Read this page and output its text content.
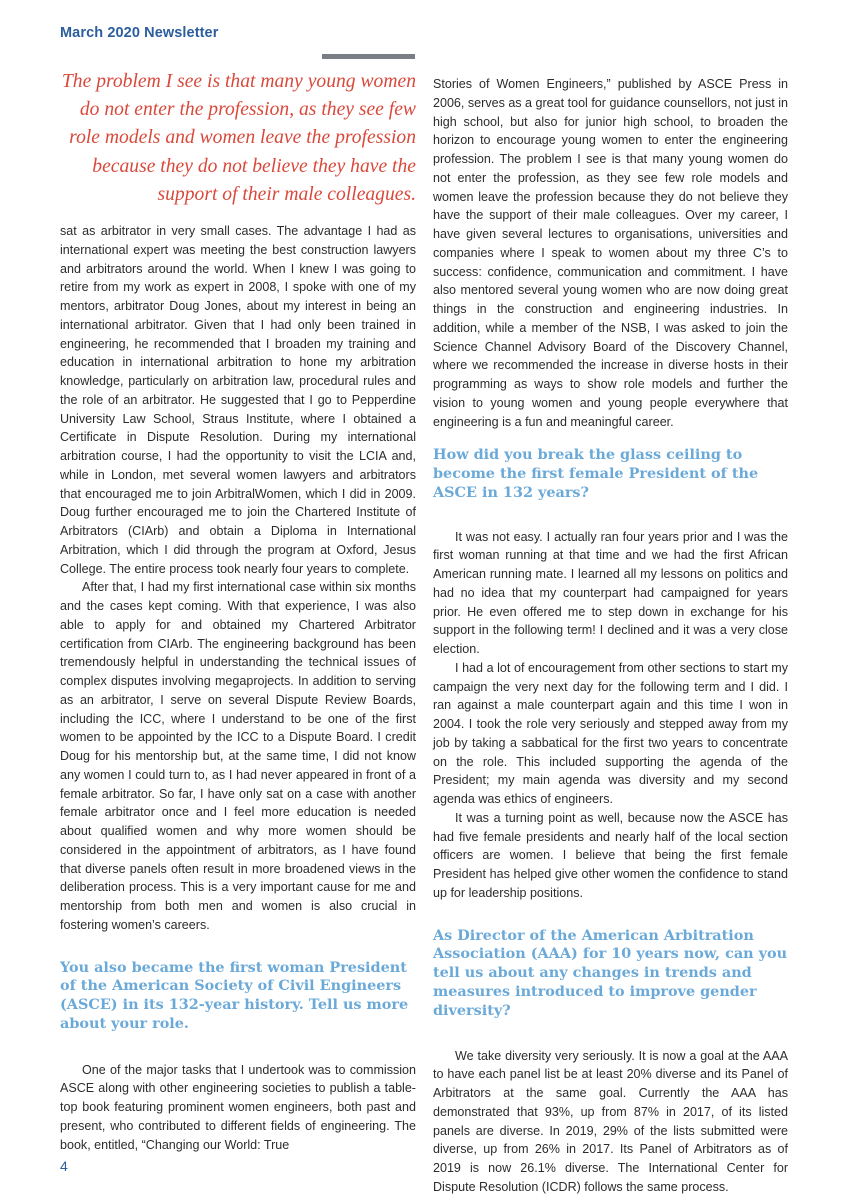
March 2020 Newsletter
The problem I see is that many young women do not enter the profession, as they see few role models and women leave the profession because they do not believe they have the support of their male colleagues.

sat as arbitrator in very small cases. The advantage I had as international expert was meeting the best construction lawyers and arbitrators around the world. When I knew I was going to retire from my work as expert in 2008, I spoke with one of my mentors, arbitrator Doug Jones, about my interest in being an international arbitrator. Given that I had only been trained in engineering, he recommended that I broaden my training and education in international arbitration to hone my arbitration knowledge, particularly on arbitration law, procedural rules and the role of an arbitrator. He suggested that I go to Pepperdine University Law School, Straus Institute, where I obtained a Certificate in Dispute Resolution. During my international arbitration course, I had the opportunity to visit the LCIA and, while in London, met several women lawyers and arbitrators that encouraged me to join ArbitralWomen, which I did in 2009. Doug further encouraged me to join the Chartered Institute of Arbitrators (CIArb) and obtain a Diploma in International Arbitration, which I did through the program at Oxford, Jesus College. The entire process took nearly four years to complete.

After that, I had my first international case within six months and the cases kept coming. With that experience, I was also able to apply for and obtained my Chartered Arbitrator certification from CIArb. The engineering background has been tremendously helpful in understanding the technical issues of complex disputes involving megaprojects. In addition to serving as an arbitrator, I serve on several Dispute Review Boards, including the ICC, where I understand to be one of the first women to be appointed by the ICC to a Dispute Board. I credit Doug for his mentorship but, at the same time, I did not know any women I could turn to, as I had never appeared in front of a female arbitrator. So far, I have only sat on a case with another female arbitrator once and I feel more education is needed about qualified women and why more women should be considered in the appointment of arbitrators, as I have found that diverse panels often result in more broadened views in the deliberation process. This is a very important cause for me and mentorship from both men and women is also crucial in fostering women’s careers.

You also became the first woman President of the American Society of Civil Engineers (ASCE) in its 132-year history. Tell us more about your role.

One of the major tasks that I undertook was to commission ASCE along with other engineering societies to publish a table-top book featuring prominent women engineers, both past and present, who contributed to different fields of engineering. The book, entitled, “Changing our World: True

Stories of Women Engineers,” published by ASCE Press in 2006, serves as a great tool for guidance counsellors, not just in high school, but also for junior high school, to broaden the horizon to encourage young women to enter the engineering profession. The problem I see is that many young women do not enter the profession, as they see few role models and women leave the profession because they do not believe they have the support of their male colleagues. Over my career, I have given several lectures to organisations, universities and companies where I speak to women about my three C’s to success: confidence, communication and commitment. I have also mentored several young women who are now doing great things in the construction and engineering industries. In addition, while a member of the NSB, I was asked to join the Science Channel Advisory Board of the Discovery Channel, where we recommended the increase in diverse hosts in their programming as ways to show role models and further the vision to young women and young people everywhere that engineering is a fun and meaningful career.

How did you break the glass ceiling to become the first female President of the ASCE in 132 years?

It was not easy. I actually ran four years prior and I was the first woman running at that time and we had the first African American running mate. I learned all my lessons on politics and had no idea that my counterpart had campaigned for years prior. He even offered me to step down in exchange for his support in the following term! I declined and it was a very close election.

I had a lot of encouragement from other sections to start my campaign the very next day for the following term and I did. I ran against a male counterpart again and this time I won in 2004. I took the role very seriously and stepped away from my job by taking a sabbatical for the first two years to concentrate on the role. This included supporting the agenda of the President; my main agenda was diversity and my second agenda was ethics of engineers.

It was a turning point as well, because now the ASCE has had five female presidents and nearly half of the local section officers are women. I believe that being the first female President has helped give other women the confidence to stand up for leadership positions.

As Director of the American Arbitration Association (AAA) for 10 years now, can you tell us about any changes in trends and measures introduced to improve gender diversity?

We take diversity very seriously. It is now a goal at the AAA to have each panel list be at least 20% diverse and its Panel of Arbitrators at the same goal. Currently the AAA has demonstrated that 93%, up from 87% in 2017, of its listed panels are diverse. In 2019, 29% of the lists submitted were diverse, up from 26% in 2017. Its Panel of Arbitrators as of 2019 is now 26.1% diverse. The International Center for Dispute Resolution (ICDR) follows the same process.

4
